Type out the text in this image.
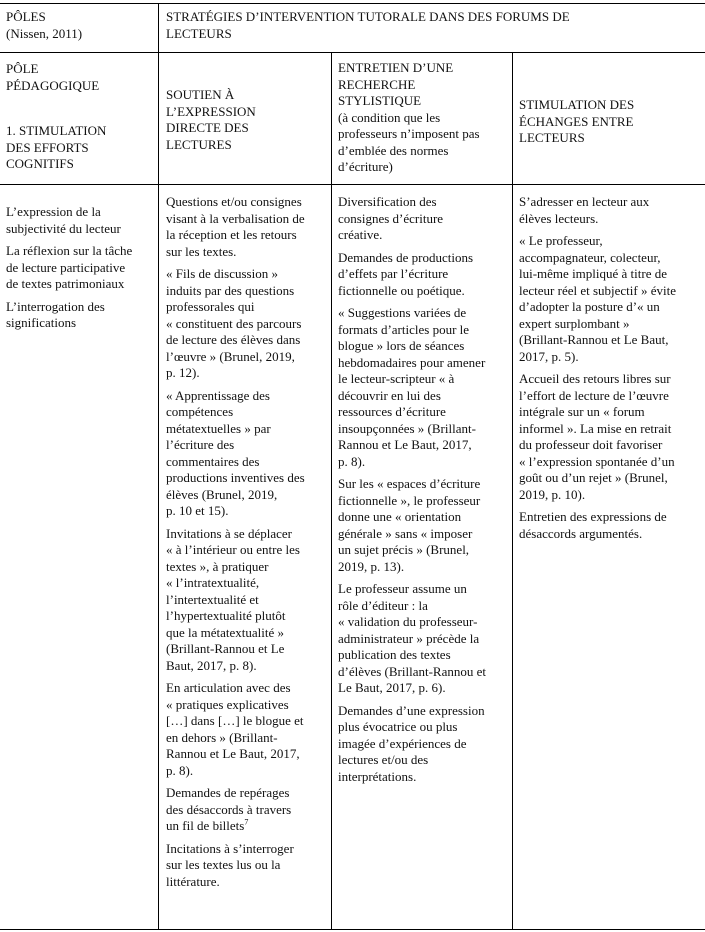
PÔLES
(Nissen, 2011)
STRATÉGIES D’INTERVENTION TUTORALE DANS DES FORUMS DE
LECTEURS
PÔLE
PÉDAGOGIQUE
1. STIMULATION
DES EFFORTS
COGNITIFS
SOUTIEN À
L’EXPRESSION
DIRECTE DES
LECTURES
ENTRETIEN D’UNE
RECHERCHE
STYLISTIQUE
(à condition que les
professeurs n’imposent pas
d’emblée des normes
d’écriture)
STIMULATION DES
ÉCHANGES ENTRE
LECTEURS

L’expression de la
subjectivité du lecteur

La réflexion sur la tâche
de lecture participative
de textes patrimoniaux

L’interrogation des
significations

Questions et/ou consignes
visant à la verbalisation de
la réception et les retours
sur les textes.

« Fils de discussion »
induits par des questions
professorales qui
« constituent des parcours
de lecture des élèves dans
l’œuvre » (Brunel, 2019,
p. 12).

« Apprentissage des
compétences
métatextuelles » par
l’écriture des
commentaires des
productions inventives des
élèves (Brunel, 2019,
p. 10 et 15).

Invitations à se déplacer
« à l’intérieur ou entre les
textes », à pratiquer
« l’intratextualité,
l’intertextualité et
l’hypertextualité plutôt
que la métatextualité »
(Brillant-Rannou et Le
Baut, 2017, p. 8).

En articulation avec des
« pratiques explicatives
[…] dans […] le blogue et
en dehors » (Brillant-
Rannou et Le Baut, 2017,
p. 8).

Demandes de repérages
des désaccords à travers
un fil de billets$^7$

Incitations à s’interroger
sur les textes lus ou la
littérature.

Diversification des
consignes d’écriture
créative.

Demandes de productions
d’effets par l’écriture
fictionnelle ou poétique.

« Suggestions variées de
formats d’articles pour le
blogue » lors de séances
hebdomadaires pour amener
le lecteur-scripteur « à
découvrir en lui des
ressources d’écriture
insoupçonnées » (Brillant-
Rannou et Le Baut, 2017,
p. 8).

Sur les « espaces d’écriture
fictionnelle », le professeur
donne une « orientation
générale » sans « imposer
un sujet précis » (Brunel,
2019, p. 13).

Le professeur assume un
rôle d’éditeur : la
« validation du professeur-
administrateur » précède la
publication des textes
d’élèves (Brillant-Rannou et
Le Baut, 2017, p. 6).

Demandes d’une expression
plus évocatrice ou plus
imagée d’expériences de
lectures et/ou des
interprétations.

S’adresser en lecteur aux
élèves lecteurs.

« Le professeur,
accompagnateur, colecteur,
lui-même impliqué à titre de
lecteur réel et subjectif » évite
d’adopter la posture d’« un
expert surplombant »
(Brillant-Rannou et Le Baut,
2017, p. 5).

Accueil des retours libres sur
l’effort de lecture de l’œuvre
intégrale sur un « forum
informel ». La mise en retrait
du professeur doit favoriser
« l’expression spontanée d’un
goût ou d’un rejet » (Brunel,
2019, p. 10).

Entretien des expressions de
désaccords argumentés.
